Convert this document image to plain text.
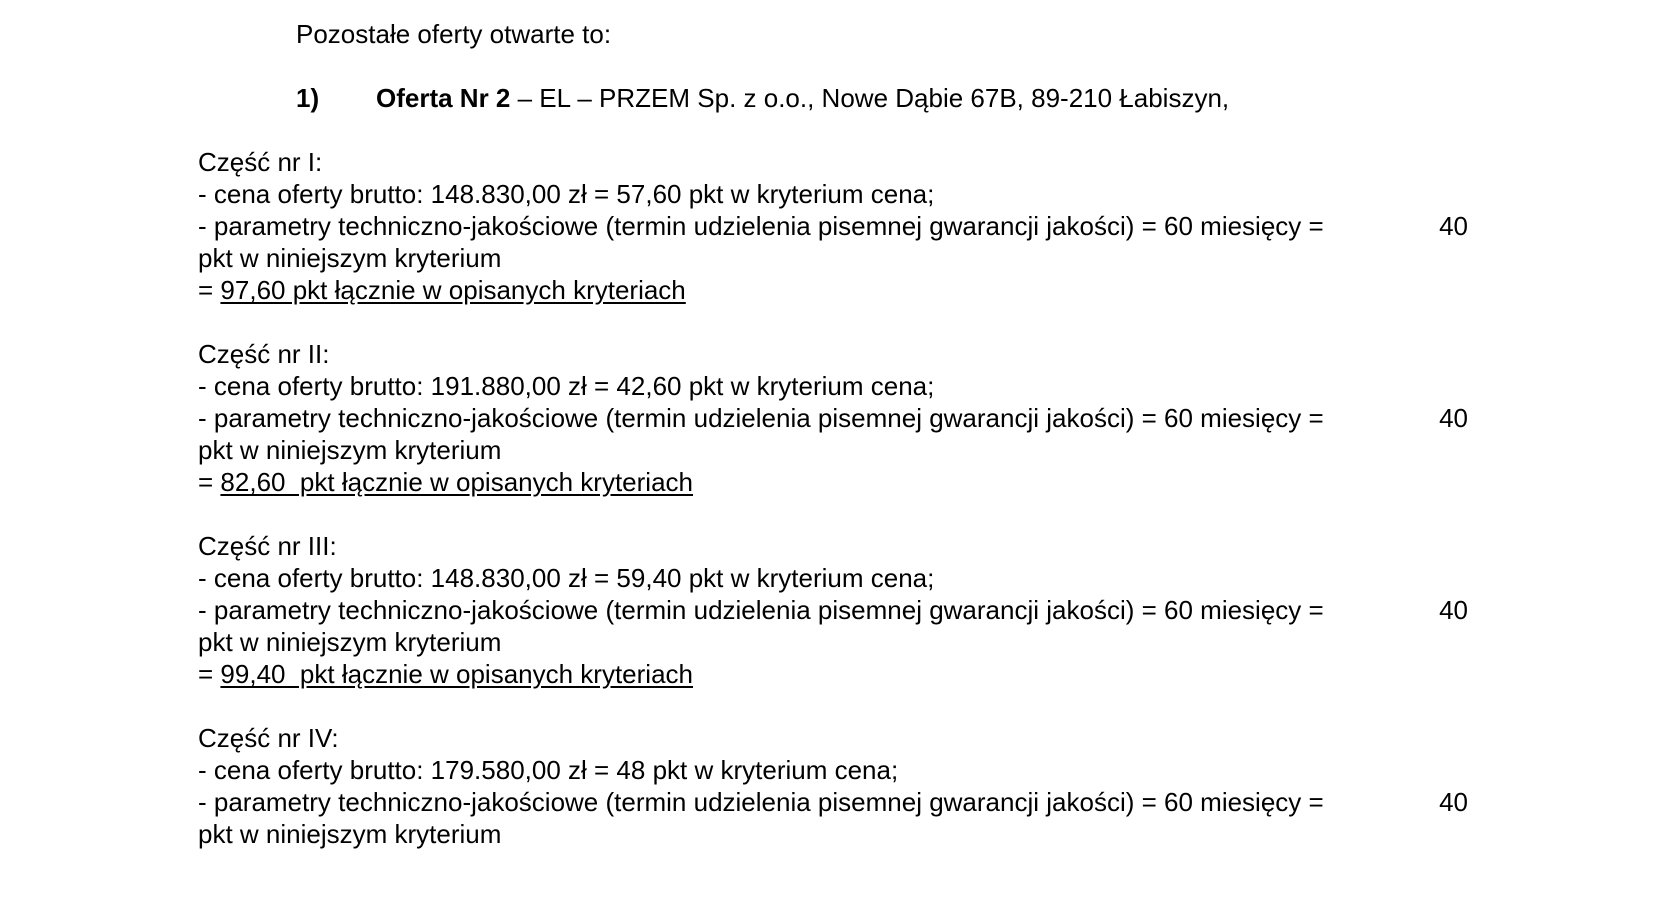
Pozostałe oferty otwarte to:
1) Oferta Nr 2 – EL – PRZEM Sp. z o.o., Nowe Dąbie 67B, 89-210 Łabiszyn,
Część nr I:
- cena oferty brutto: 148.830,00 zł = 57,60 pkt w kryterium cena;
- parametry techniczno-jakościowe (termin udzielenia pisemnej gwarancji jakości) = 60 miesięcy =	40
pkt w niniejszym kryterium
= 97,60 pkt łącznie w opisanych kryteriach
Część nr II:
- cena oferty brutto: 191.880,00 zł = 42,60 pkt w kryterium cena;
- parametry techniczno-jakościowe (termin udzielenia pisemnej gwarancji jakości) = 60 miesięcy =	40
pkt w niniejszym kryterium
= 82,60  pkt łącznie w opisanych kryteriach
Część nr III:
- cena oferty brutto: 148.830,00 zł = 59,40 pkt w kryterium cena;
- parametry techniczno-jakościowe (termin udzielenia pisemnej gwarancji jakości) = 60 miesięcy =	40
pkt w niniejszym kryterium
= 99,40  pkt łącznie w opisanych kryteriach
Część nr IV:
- cena oferty brutto: 179.580,00 zł = 48 pkt w kryterium cena;
- parametry techniczno-jakościowe (termin udzielenia pisemnej gwarancji jakości) = 60 miesięcy =	40
pkt w niniejszym kryterium
